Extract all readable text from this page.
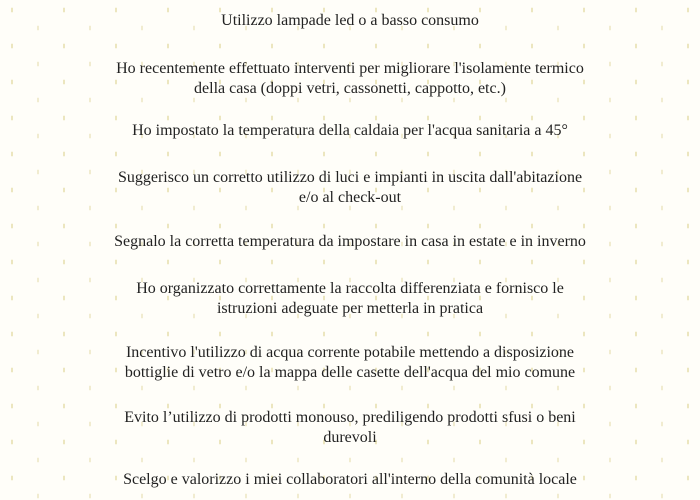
Utilizzo lampade led o a basso consumo
Ho recentemente effettuato interventi per migliorare l'isolamente termico
della casa (doppi vetri, cassonetti, cappotto, etc.)
Ho impostato la temperatura della caldaia per l'acqua sanitaria a 45°
Suggerisco un corretto utilizzo di luci e impianti in uscita dall'abitazione
e/o al check-out
Segnalo la corretta temperatura da impostare in casa in estate e in inverno
Ho organizzato correttamente la raccolta differenziata e fornisco le
istruzioni adeguate per metterla in pratica
Incentivo l'utilizzo di acqua corrente potabile mettendo a disposizione
bottiglie di vetro e/o la mappa delle casette dell'acqua del mio comune
Evito l’utilizzo di prodotti monouso, prediligendo prodotti sfusi o beni
durevoli
Scelgo e valorizzo i miei collaboratori all'interno della comunità locale
